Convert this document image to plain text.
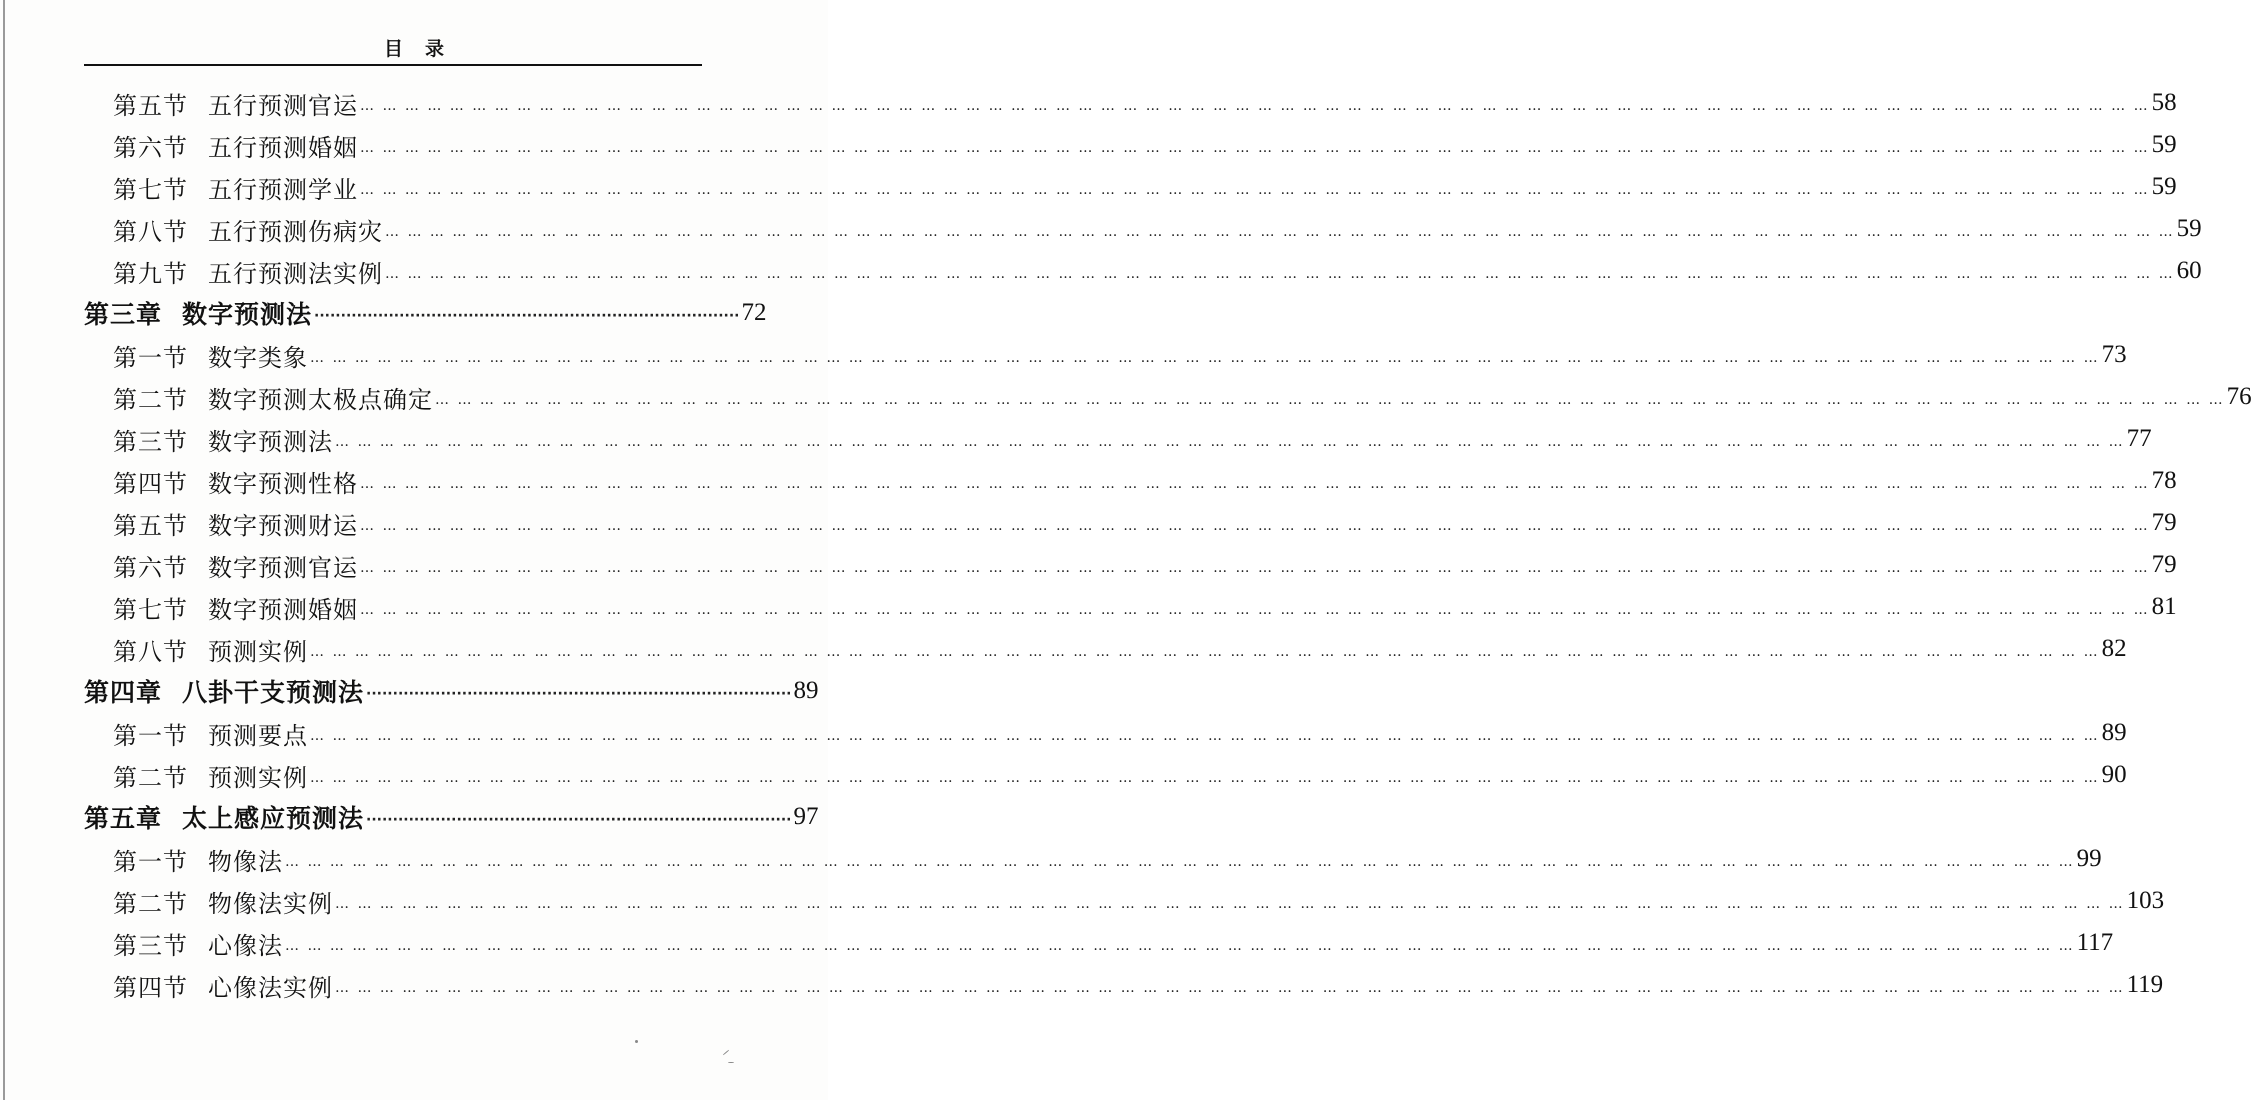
目录
第五节 五行预测官运 … … … … … … … … … … … … … … … … … … … … … … … … … … … … … … … … … … … … … … … … … … … … … … … … … … … … … … … … … … … … … … … … … … … … … … … … … … … … … … … … 58
第六节 五行预测婚姻 … … … … … … … … … … … … … … … … … … … … … … … … … … … … … … … … … … … … … … … … … … … … … … … … … … … … … … … … … … … … … … … … … … … … … … … … … … … … … … … … 59
第七节 五行预测学业 … … … … … … … … … … … … … … … … … … … … … … … … … … … … … … … … … … … … … … … … … … … … … … … … … … … … … … … … … … … … … … … … … … … … … … … … … … … … … … … … 59
第八节 五行预测伤病灾 … … … … … … … … … … … … … … … … … … … … … … … … … … … … … … … … … … … … … … … … … … … … … … … … … … … … … … … … … … … … … … … … … … … … … … … … … … … … … … … … 59
第九节 五行预测法实例 … … … … … … … … … … … … … … … … … … … … … … … … … … … … … … … … … … … … … … … … … … … … … … … … … … … … … … … … … … … … … … … … … … … … … … … … … … … … … … … … 60
第三章 数字预测法 ················································································ 72
第一节 数字类象 … … … … … … … … … … … … … … … … … … … … … … … … … … … … … … … … … … … … … … … … … … … … … … … … … … … … … … … … … … … … … … … … … … … … … … … … … … … … … … … … 73
第二节 数字预测太极点确定 … … … … … … … … … … … … … … … … … … … … … … … … … … … … … … … … … … … … … … … … … … … … … … … … … … … … … … … … … … … … … … … … … … … … … … … … … … … … … … … … 76
第三节 数字预测法 … … … … … … … … … … … … … … … … … … … … … … … … … … … … … … … … … … … … … … … … … … … … … … … … … … … … … … … … … … … … … … … … … … … … … … … … … … … … … … … … 77
第四节 数字预测性格 … … … … … … … … … … … … … … … … … … … … … … … … … … … … … … … … … … … … … … … … … … … … … … … … … … … … … … … … … … … … … … … … … … … … … … … … … … … … … … … … 78
第五节 数字预测财运 … … … … … … … … … … … … … … … … … … … … … … … … … … … … … … … … … … … … … … … … … … … … … … … … … … … … … … … … … … … … … … … … … … … … … … … … … … … … … … … … 79
第六节 数字预测官运 … … … … … … … … … … … … … … … … … … … … … … … … … … … … … … … … … … … … … … … … … … … … … … … … … … … … … … … … … … … … … … … … … … … … … … … … … … … … … … … … 79
第七节 数字预测婚姻 … … … … … … … … … … … … … … … … … … … … … … … … … … … … … … … … … … … … … … … … … … … … … … … … … … … … … … … … … … … … … … … … … … … … … … … … … … … … … … … … 81
第八节 预测实例 … … … … … … … … … … … … … … … … … … … … … … … … … … … … … … … … … … … … … … … … … … … … … … … … … … … … … … … … … … … … … … … … … … … … … … … … … … … … … … … … 82
第四章 八卦干支预测法 ················································································ 89
第一节 预测要点 … … … … … … … … … … … … … … … … … … … … … … … … … … … … … … … … … … … … … … … … … … … … … … … … … … … … … … … … … … … … … … … … … … … … … … … … … … … … … … … … 89
第二节 预测实例 … … … … … … … … … … … … … … … … … … … … … … … … … … … … … … … … … … … … … … … … … … … … … … … … … … … … … … … … … … … … … … … … … … … … … … … … … … … … … … … … 90
第五章 太上感应预测法 ················································································ 97
第一节 物像法 … … … … … … … … … … … … … … … … … … … … … … … … … … … … … … … … … … … … … … … … … … … … … … … … … … … … … … … … … … … … … … … … … … … … … … … … … … … … … … … … 99
第二节 物像法实例 … … … … … … … … … … … … … … … … … … … … … … … … … … … … … … … … … … … … … … … … … … … … … … … … … … … … … … … … … … … … … … … … … … … … … … … … … … … … … … … … 103
第三节 心像法 … … … … … … … … … … … … … … … … … … … … … … … … … … … … … … … … … … … … … … … … … … … … … … … … … … … … … … … … … … … … … … … … … … … … … … … … … … … … … … … … 117
第四节 心像法实例 … … … … … … … … … … … … … … … … … … … … … … … … … … … … … … … … … … … … … … … … … … … … … … … … … … … … … … … … … … … … … … … … … … … … … … … … … … … … … … … … 119
